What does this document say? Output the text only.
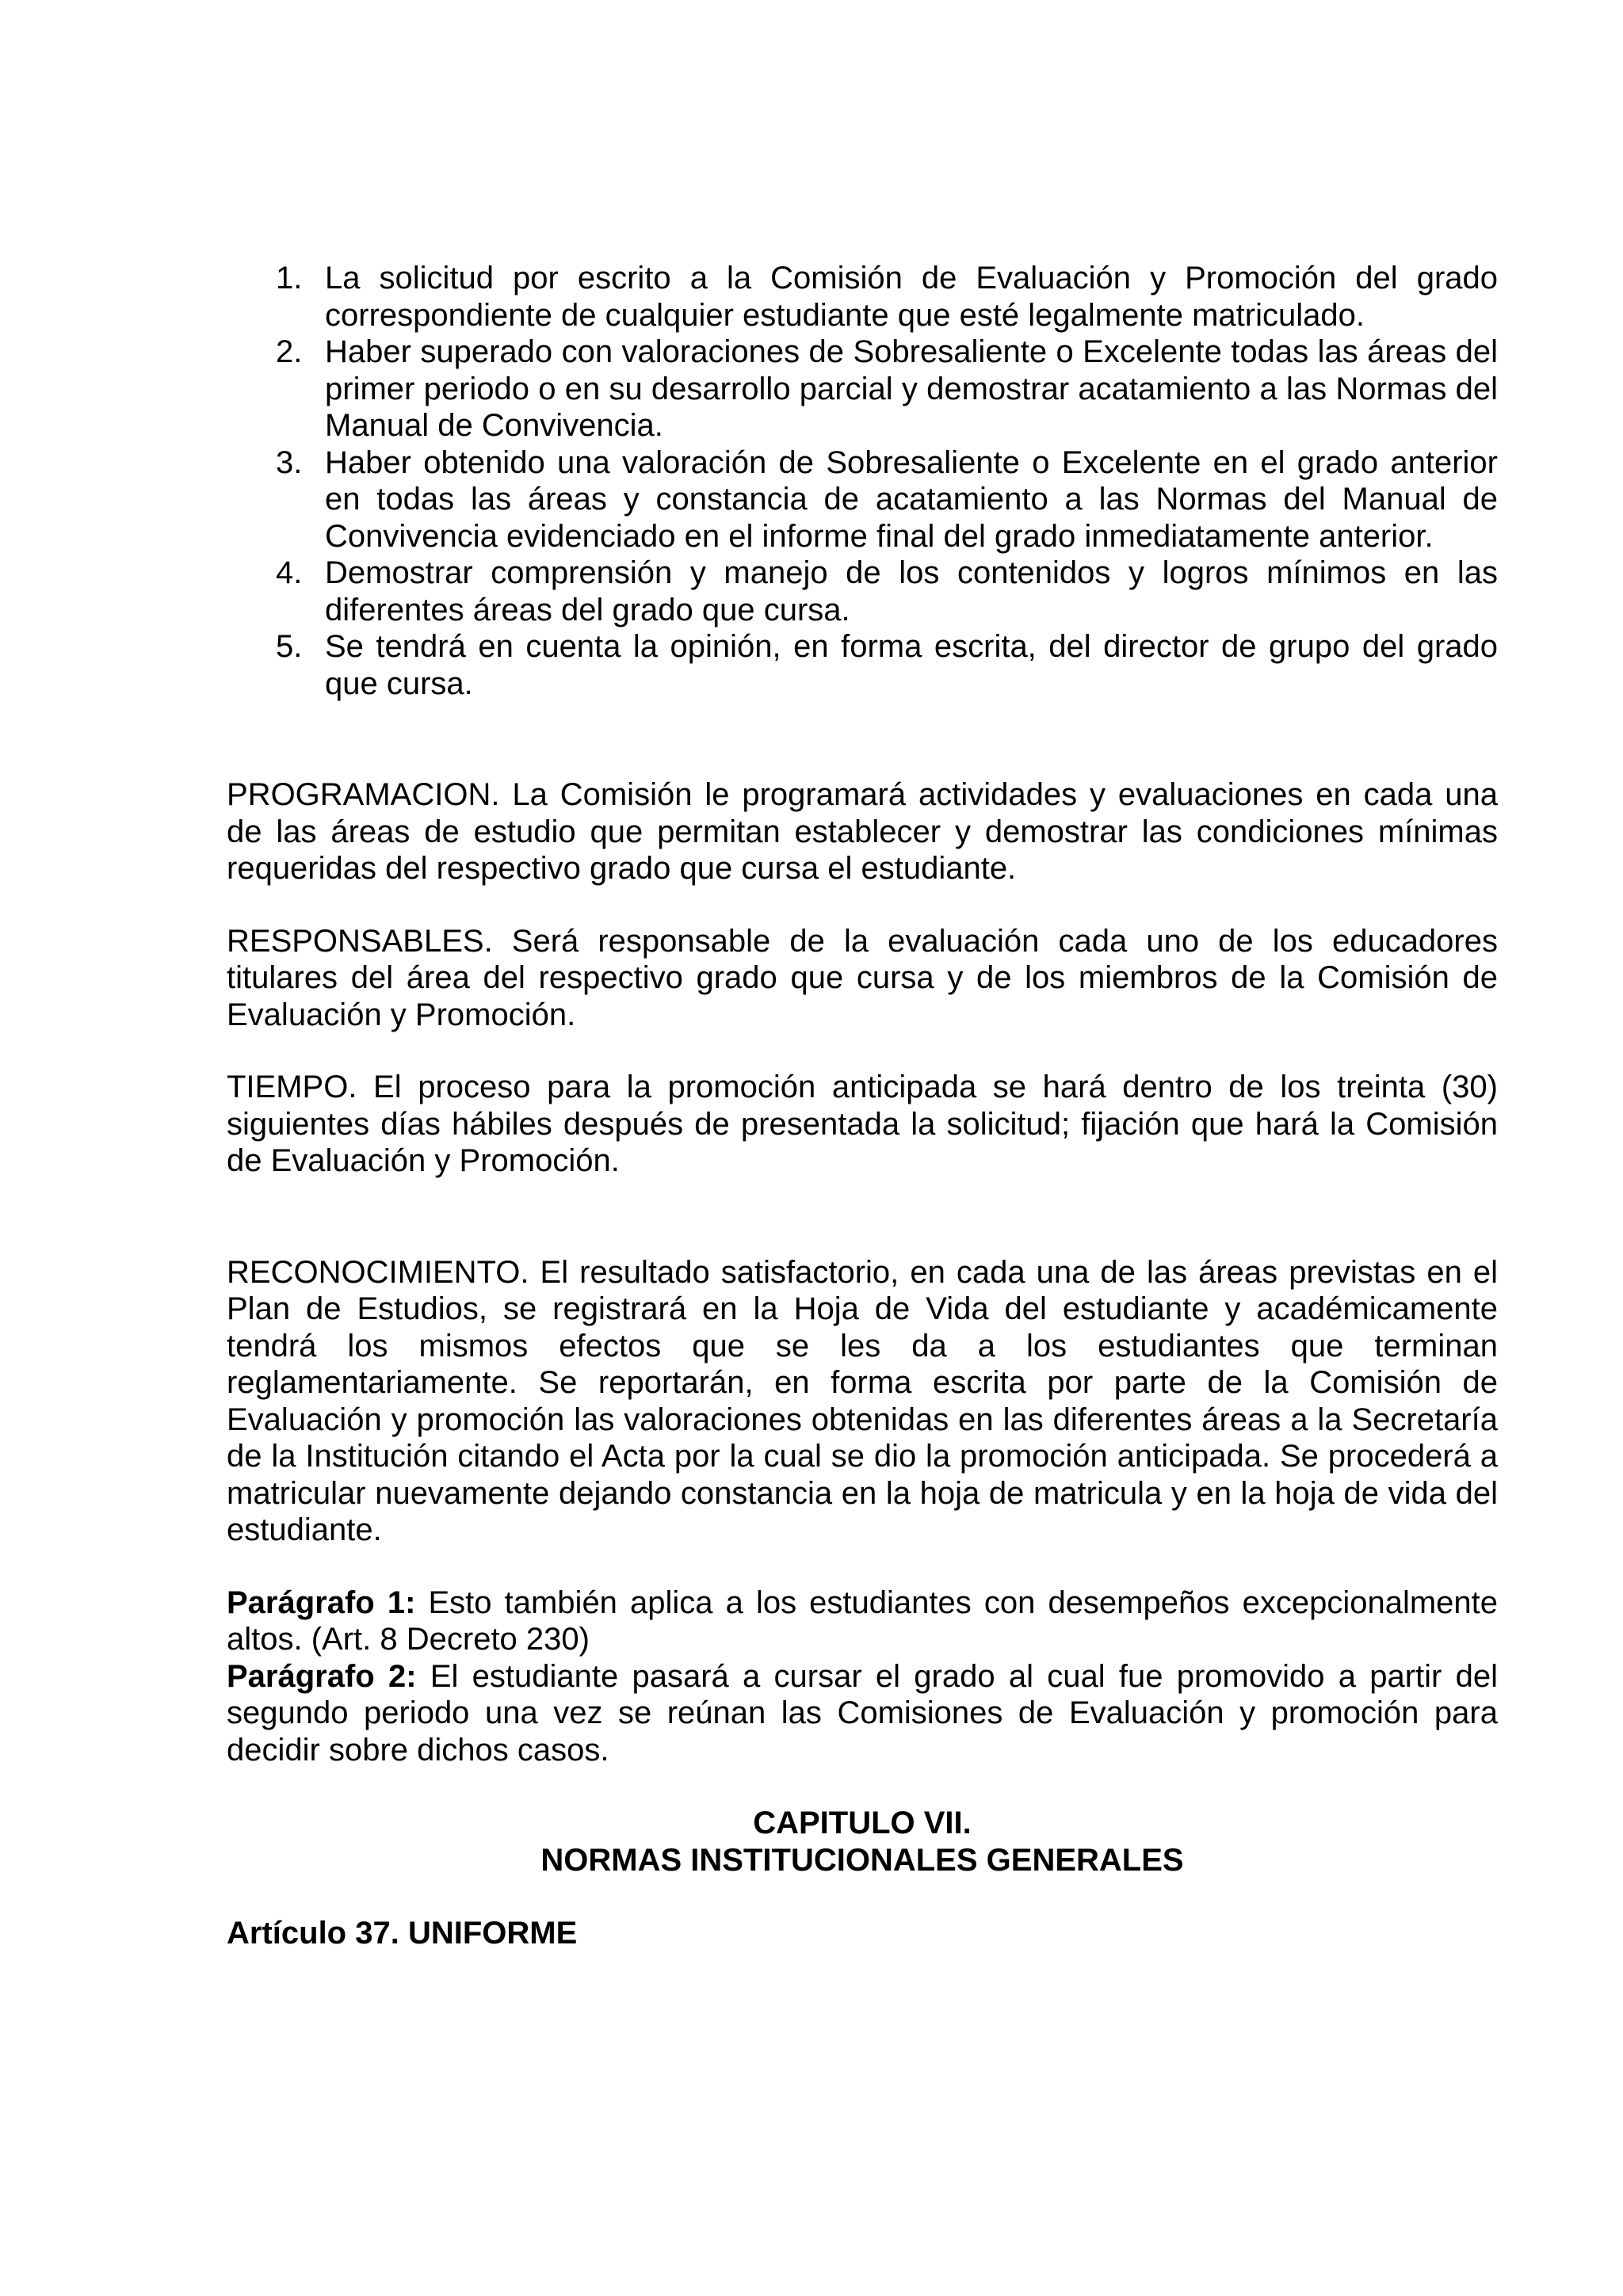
1. La solicitud por escrito a la Comisión de Evaluación y Promoción del grado correspondiente de cualquier estudiante que esté legalmente matriculado.
2. Haber superado con valoraciones de Sobresaliente o Excelente todas las áreas del primer periodo o en su desarrollo parcial y demostrar acatamiento a las Normas del Manual de Convivencia.
3. Haber obtenido una valoración de Sobresaliente o Excelente en el grado anterior en todas las áreas y constancia de acatamiento a las Normas del Manual de Convivencia evidenciado en el informe final del grado inmediatamente anterior.
4. Demostrar comprensión y manejo de los contenidos y logros mínimos en las diferentes áreas del grado que cursa.
5. Se tendrá en cuenta la opinión, en forma escrita, del director de grupo del grado que cursa.

PROGRAMACION. La Comisión le programará actividades y evaluaciones en cada una de las áreas de estudio que permitan establecer y demostrar las condiciones mínimas requeridas del respectivo grado que cursa el estudiante.

RESPONSABLES. Será responsable de la evaluación cada uno de los educadores titulares del área del respectivo grado que cursa y de los miembros de la Comisión de Evaluación y Promoción.

TIEMPO. El proceso para la promoción anticipada se hará dentro de los treinta (30) siguientes días hábiles después de presentada la solicitud; fijación que hará la Comisión de Evaluación y Promoción.

RECONOCIMIENTO. El resultado satisfactorio, en cada una de las áreas previstas en el Plan de Estudios, se registrará en la Hoja de Vida del estudiante y académicamente tendrá los mismos efectos que se les da a los estudiantes que terminan reglamentariamente. Se reportarán, en forma escrita por parte de la Comisión de Evaluación y promoción las valoraciones obtenidas en las diferentes áreas a la Secretaría de la Institución citando el Acta por la cual se dio la promoción anticipada. Se procederá a matricular nuevamente dejando constancia en la hoja de matricula y en la hoja de vida del estudiante.

Parágrafo 1: Esto también aplica a los estudiantes con desempeños excepcionalmente altos. (Art. 8 Decreto 230)

Parágrafo 2: El estudiante pasará a cursar el grado al cual fue promovido a partir del segundo periodo una vez se reúnan las Comisiones de Evaluación y promoción para decidir sobre dichos casos.

CAPITULO VII.

NORMAS INSTITUCIONALES GENERALES

Artículo 37. UNIFORME
